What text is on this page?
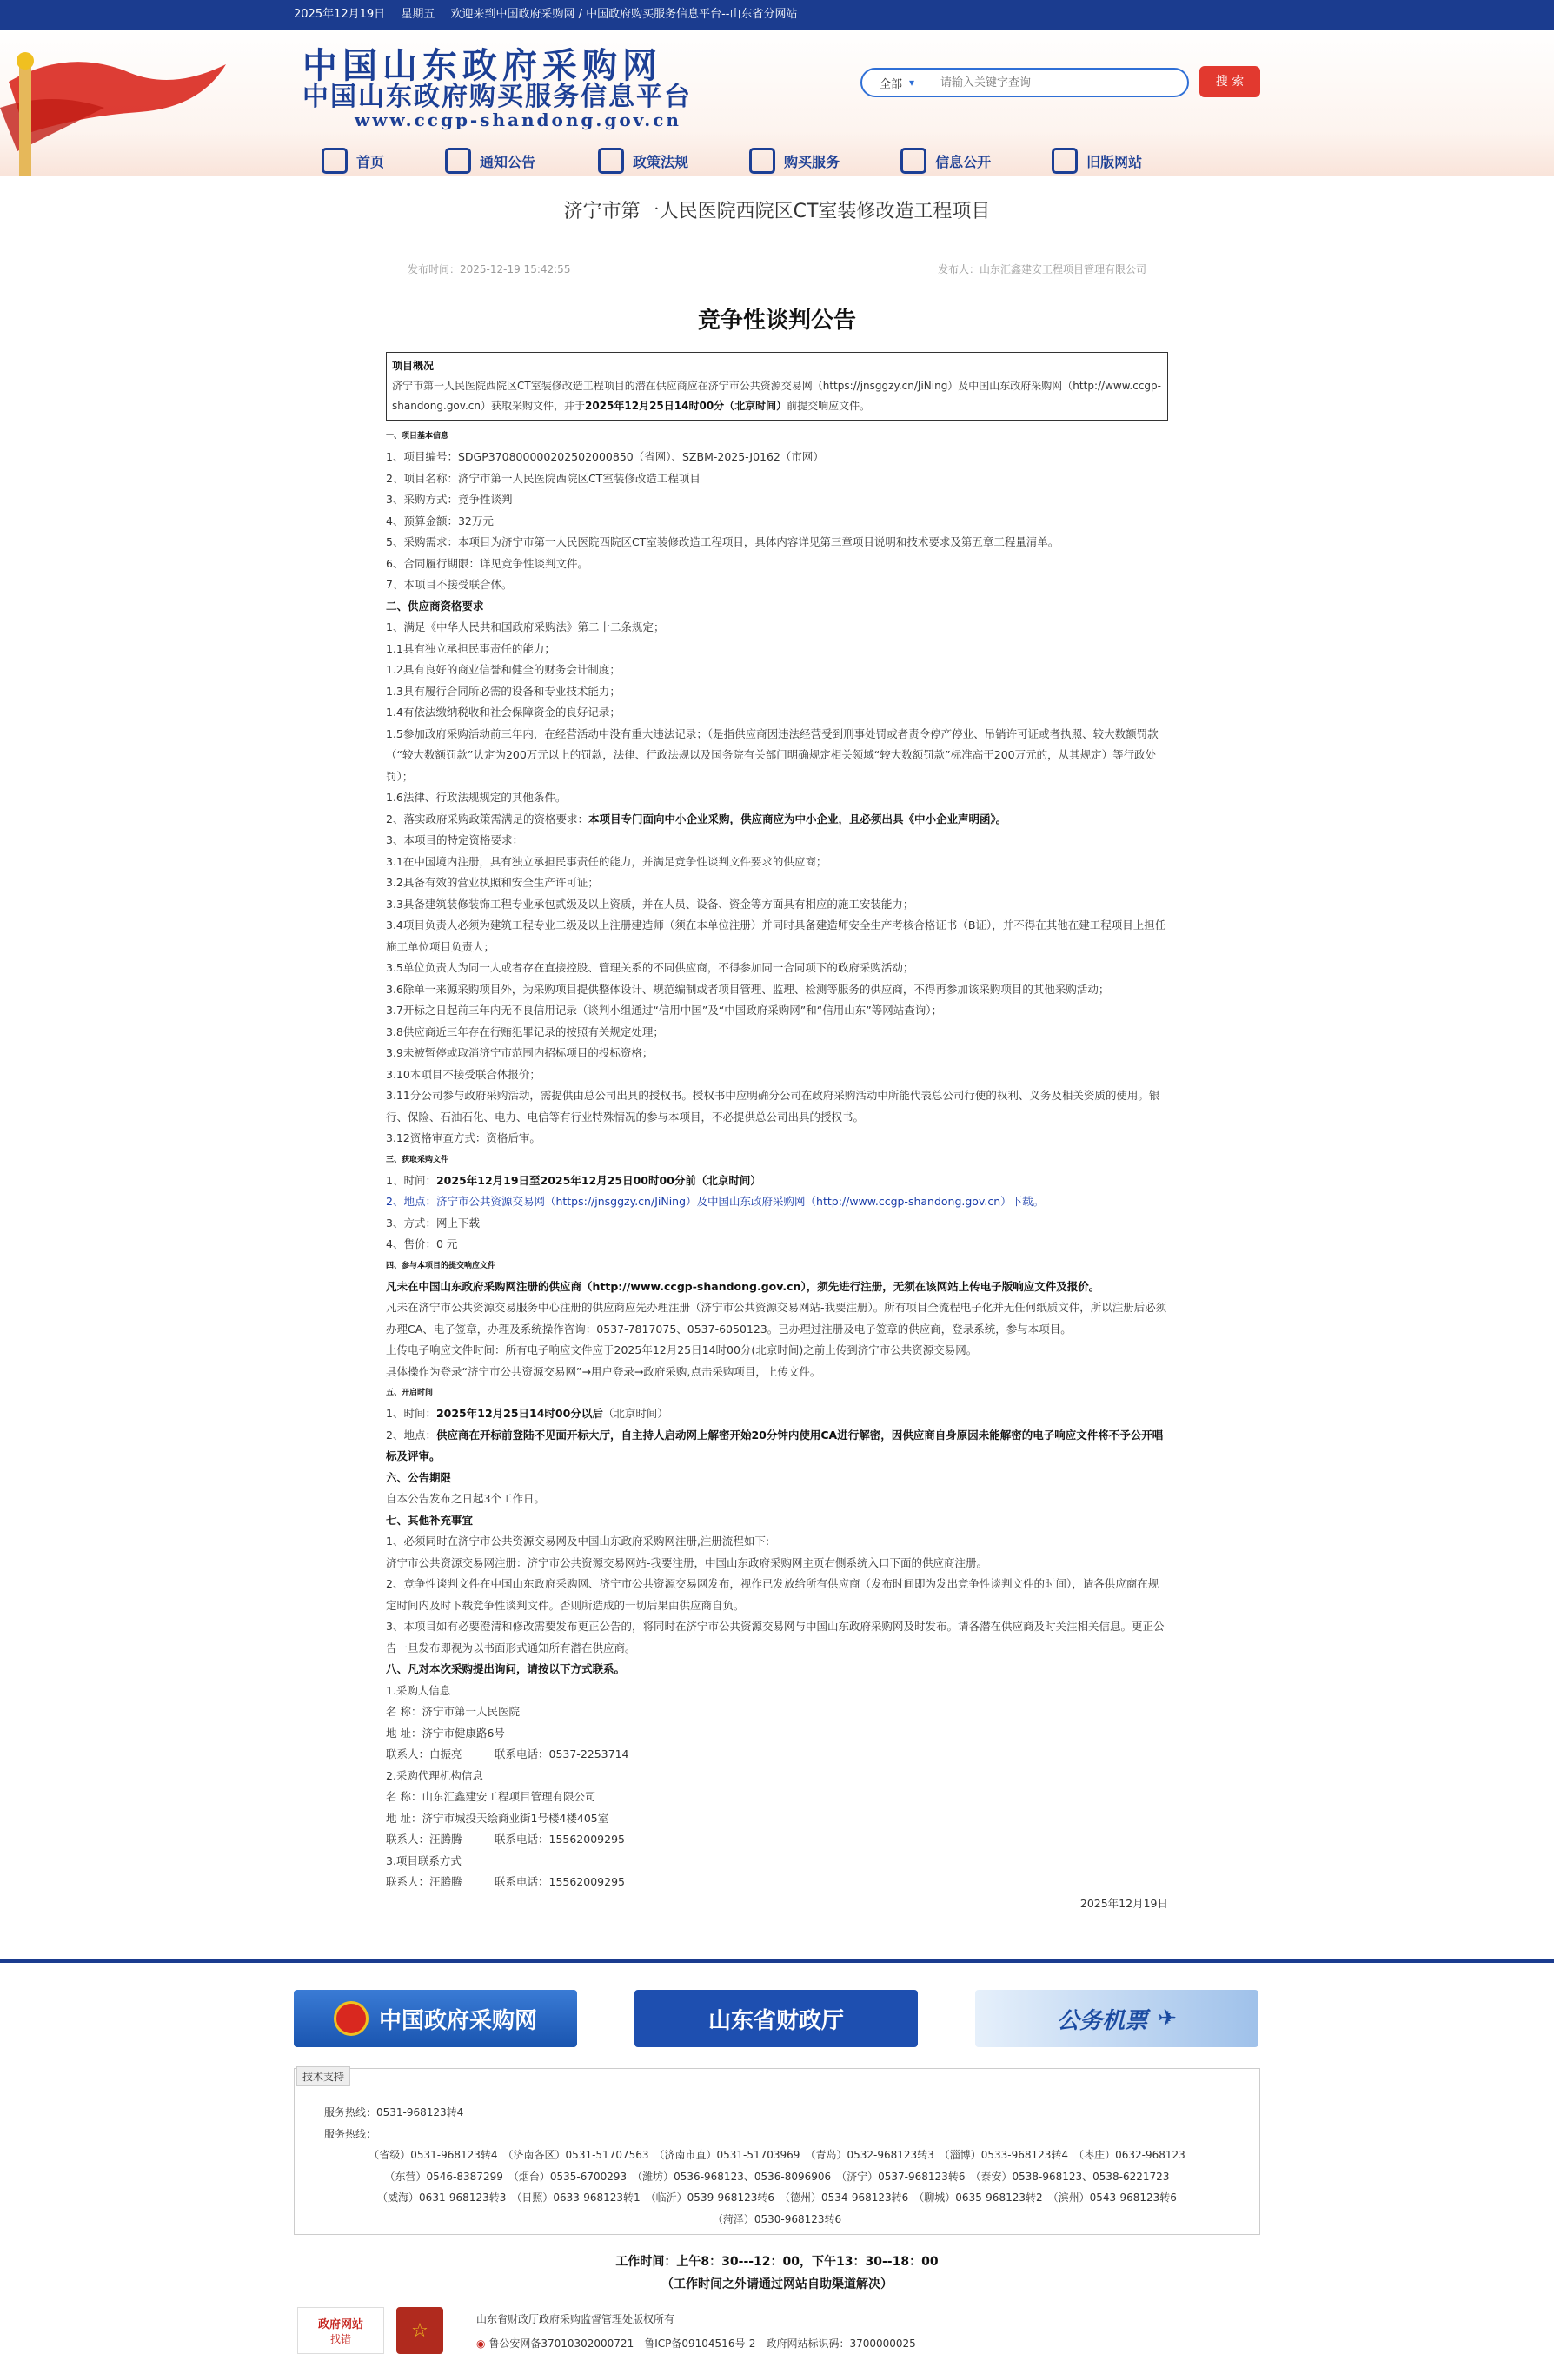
2025年12月19日 星期五 欢迎来到中国政府采购网 / 中国政府购买服务信息平台--山东省分网站
中国山东政府采购网
中国山东政府购买服务信息平台
www.ccgp-shandong.gov.cn
全部 ▾
请输入关键字查询	搜 索
首页	通知公告	政策法规	购买服务	信息公开	旧版网站
济宁市第一人民医院西院区CT室装修改造工程项目
发布时间：2025-12-19 15:42:55	发布人：山东汇鑫建安工程项目管理有限公司
竞争性谈判公告
项目概况
济宁市第一人民医院西院区CT室装修改造工程项目的潜在供应商应在济宁市公共资源交易网（https://jnsggzy.cn/JiNing）及中国山东政府采购网（http://www.ccgp-shandong.gov.cn）获取采购文件，并于2025年12月25日14时00分（北京时间）前提交响应文件。
一、项目基本信息

1、项目编号：SDGP370800000202502000850（省网）、SZBM-2025-J0162（市网）

2、项目名称：济宁市第一人民医院西院区CT室装修改造工程项目

3、采购方式：竞争性谈判

4、预算金额：32万元

5、采购需求：本项目为济宁市第一人民医院西院区CT室装修改造工程项目，具体内容详见第三章项目说明和技术要求及第五章工程量清单。

6、合同履行期限：详见竞争性谈判文件。

7、本项目不接受联合体。

二、供应商资格要求

1、满足《中华人民共和国政府采购法》第二十二条规定；

1.1具有独立承担民事责任的能力；

1.2具有良好的商业信誉和健全的财务会计制度；

1.3具有履行合同所必需的设备和专业技术能力；

1.4有依法缴纳税收和社会保障资金的良好记录；

1.5参加政府采购活动前三年内，在经营活动中没有重大违法记录；（是指供应商因违法经营受到刑事处罚或者责令停产停业、吊销许可证或者执照、较大数额罚款（“较大数额罚款”认定为200万元以上的罚款，法律、行政法规以及国务院有关部门明确规定相关领域“较大数额罚款”标准高于200万元的，从其规定）等行政处罚）；

1.6法律、行政法规规定的其他条件。

2、落实政府采购政策需满足的资格要求：本项目专门面向中小企业采购，供应商应为中小企业，且必须出具《中小企业声明函》。

3、本项目的特定资格要求：

3.1在中国境内注册，具有独立承担民事责任的能力，并满足竞争性谈判文件要求的供应商；

3.2具备有效的营业执照和安全生产许可证；

3.3具备建筑装修装饰工程专业承包贰级及以上资质，并在人员、设备、资金等方面具有相应的施工安装能力；

3.4项目负责人必须为建筑工程专业二级及以上注册建造师（须在本单位注册）并同时具备建造师安全生产考核合格证书（B证），并不得在其他在建工程项目上担任施工单位项目负责人；

3.5单位负责人为同一人或者存在直接控股、管理关系的不同供应商，不得参加同一合同项下的政府采购活动；

3.6除单一来源采购项目外，为采购项目提供整体设计、规范编制或者项目管理、监理、检测等服务的供应商，不得再参加该采购项目的其他采购活动；

3.7开标之日起前三年内无不良信用记录（谈判小组通过“信用中国”及“中国政府采购网”和“信用山东”等网站查询）；

3.8供应商近三年存在行贿犯罪记录的按照有关规定处理；

3.9未被暂停或取消济宁市范围内招标项目的投标资格；

3.10本项目不接受联合体报价；

3.11分公司参与政府采购活动，需提供由总公司出具的授权书。授权书中应明确分公司在政府采购活动中所能代表总公司行使的权利、义务及相关资质的使用。银行、保险、石油石化、电力、电信等有行业特殊情况的参与本项目，不必提供总公司出具的授权书。

3.12资格审查方式：资格后审。

三、获取采购文件

1、时间：2025年12月19日至2025年12月25日00时00分前（北京时间）

2、地点：济宁市公共资源交易网（https://jnsggzy.cn/JiNing）及中国山东政府采购网（http://www.ccgp-shandong.gov.cn）下载。

3、方式：网上下载

4、售价：0 元

四、参与本项目的提交响应文件

凡未在中国山东政府采购网注册的供应商（http://www.ccgp-shandong.gov.cn），须先进行注册，无须在该网站上传电子版响应文件及报价。

凡未在济宁市公共资源交易服务中心注册的供应商应先办理注册（济宁市公共资源交易网站-我要注册）。所有项目全流程电子化并无任何纸质文件，所以注册后必须办理CA、电子签章，办理及系统操作咨询：0537-7817075、0537-6050123。已办理过注册及电子签章的供应商，登录系统，参与本项目。

上传电子响应文件时间：所有电子响应文件应于2025年12月25日14时00分(北京时间)之前上传到济宁市公共资源交易网。

具体操作为登录“济宁市公共资源交易网”→用户登录→政府采购,点击采购项目，上传文件。

五、开启时间

1、时间：2025年12月25日14时00分以后（北京时间）

2、地点：供应商在开标前登陆不见面开标大厅，自主持人启动网上解密开始20分钟内使用CA进行解密，因供应商自身原因未能解密的电子响应文件将不予公开唱标及评审。

六、公告期限

自本公告发布之日起3个工作日。

七、其他补充事宜

1、必须同时在济宁市公共资源交易网及中国山东政府采购网注册,注册流程如下:

济宁市公共资源交易网注册：济宁市公共资源交易网站-我要注册，中国山东政府采购网主页右侧系统入口下面的供应商注册。

2、竞争性谈判文件在中国山东政府采购网、济宁市公共资源交易网发布，视作已发放给所有供应商（发布时间即为发出竞争性谈判文件的时间），请各供应商在规定时间内及时下载竞争性谈判文件。否则所造成的一切后果由供应商自负。

3、本项目如有必要澄清和修改需要发布更正公告的，将同时在济宁市公共资源交易网与中国山东政府采购网及时发布。请各潜在供应商及时关注相关信息。更正公告一旦发布即视为以书面形式通知所有潜在供应商。

八、凡对本次采购提出询问，请按以下方式联系。

1.采购人信息

名 称：济宁市第一人民医院

地 址：济宁市健康路6号

联系人：白振亮　　　联系电话：0537-2253714

2.采购代理机构信息

名 称：山东汇鑫建安工程项目管理有限公司

地 址：济宁市城投天绘商业街1号楼4楼405室

联系人：汪腾腾　　　联系电话：15562009295

3.项目联系方式

联系人：汪腾腾　　　联系电话：15562009295

2025年12月19日

中国政府采购网	山东省财政厅	公务机票 ✈
技术支持
服务热线：0531-968123转4
服务热线：
（省级）0531-968123转4　（济南各区）0531-51707563　（济南市直）0531-51703969　（青岛）0532-968123转3　（淄博）0533-968123转4　（枣庄）0632-968123
（东营）0546-8387299　（烟台）0535-6700293　（潍坊）0536-968123、0536-8096906　（济宁）0537-968123转6　（泰安）0538-968123、0538-6221723
（威海）0631-968123转3　（日照）0633-968123转1　（临沂）0539-968123转6　（德州）0534-968123转6　（聊城）0635-968123转2　（滨州）0543-968123转6
（菏泽）0530-968123转6
工作时间：上午8：30---12：00，下午13：30--18：00
（工作时间之外请通过网站自助渠道解决）
政府网站
找错	☆
山东省财政厅政府采购监督管理处版权所有
◉ 鲁公安网备37010302000721　 鲁ICP备09104516号-2　 政府网站标识码：3700000025
